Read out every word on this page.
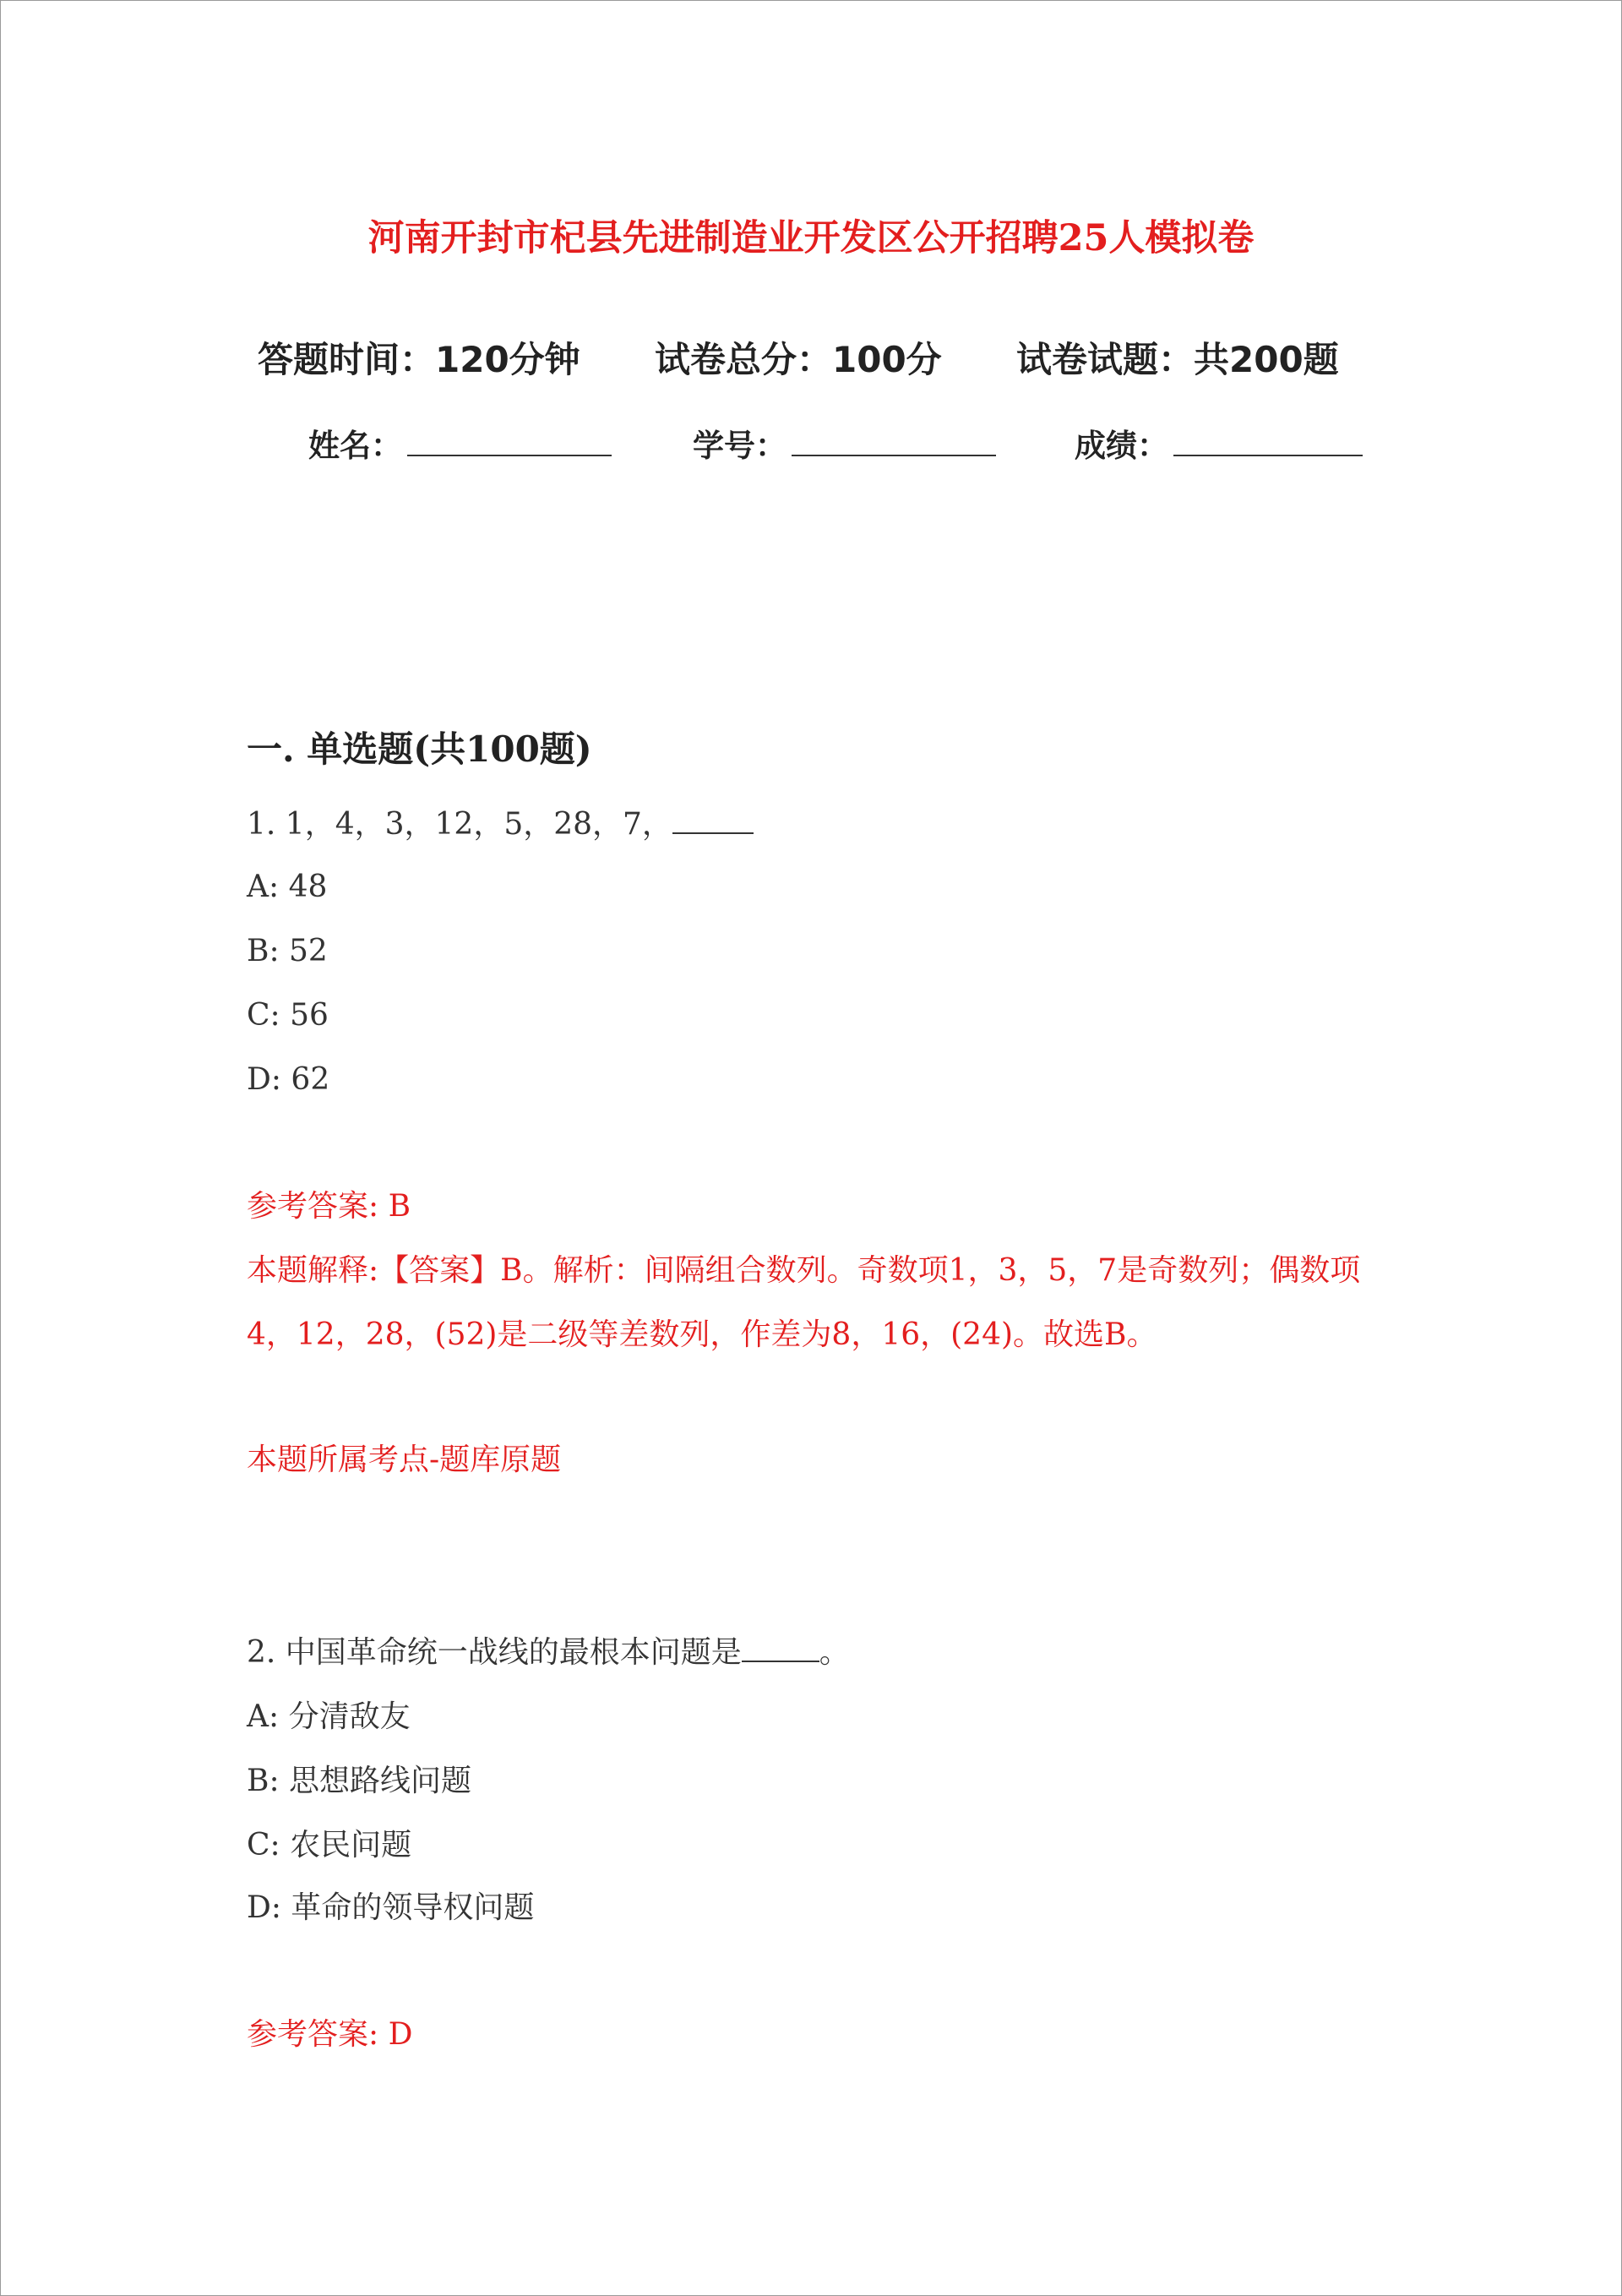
河南开封市杞县先进制造业开发区公开招聘25人模拟卷
答题时间：120分钟 试卷总分：100分 试卷试题：共200题
姓名：	学号：	成绩：
一. 单选题(共100题)
1. 1，4，3，12，5，28，7，
A: 48
B: 52
C: 56
D: 62
参考答案: B
本题解释:【答案】B。解析：间隔组合数列。奇数项1，3，5，7是奇数列；偶数项4，12，28，(52)是二级等差数列，作差为8，16，(24)。故选B。
本题所属考点-题库原题
2. 中国革命统一战线的最根本问题是	。
A: 分清敌友
B: 思想路线问题
C: 农民问题
D: 革命的领导权问题
参考答案: D
